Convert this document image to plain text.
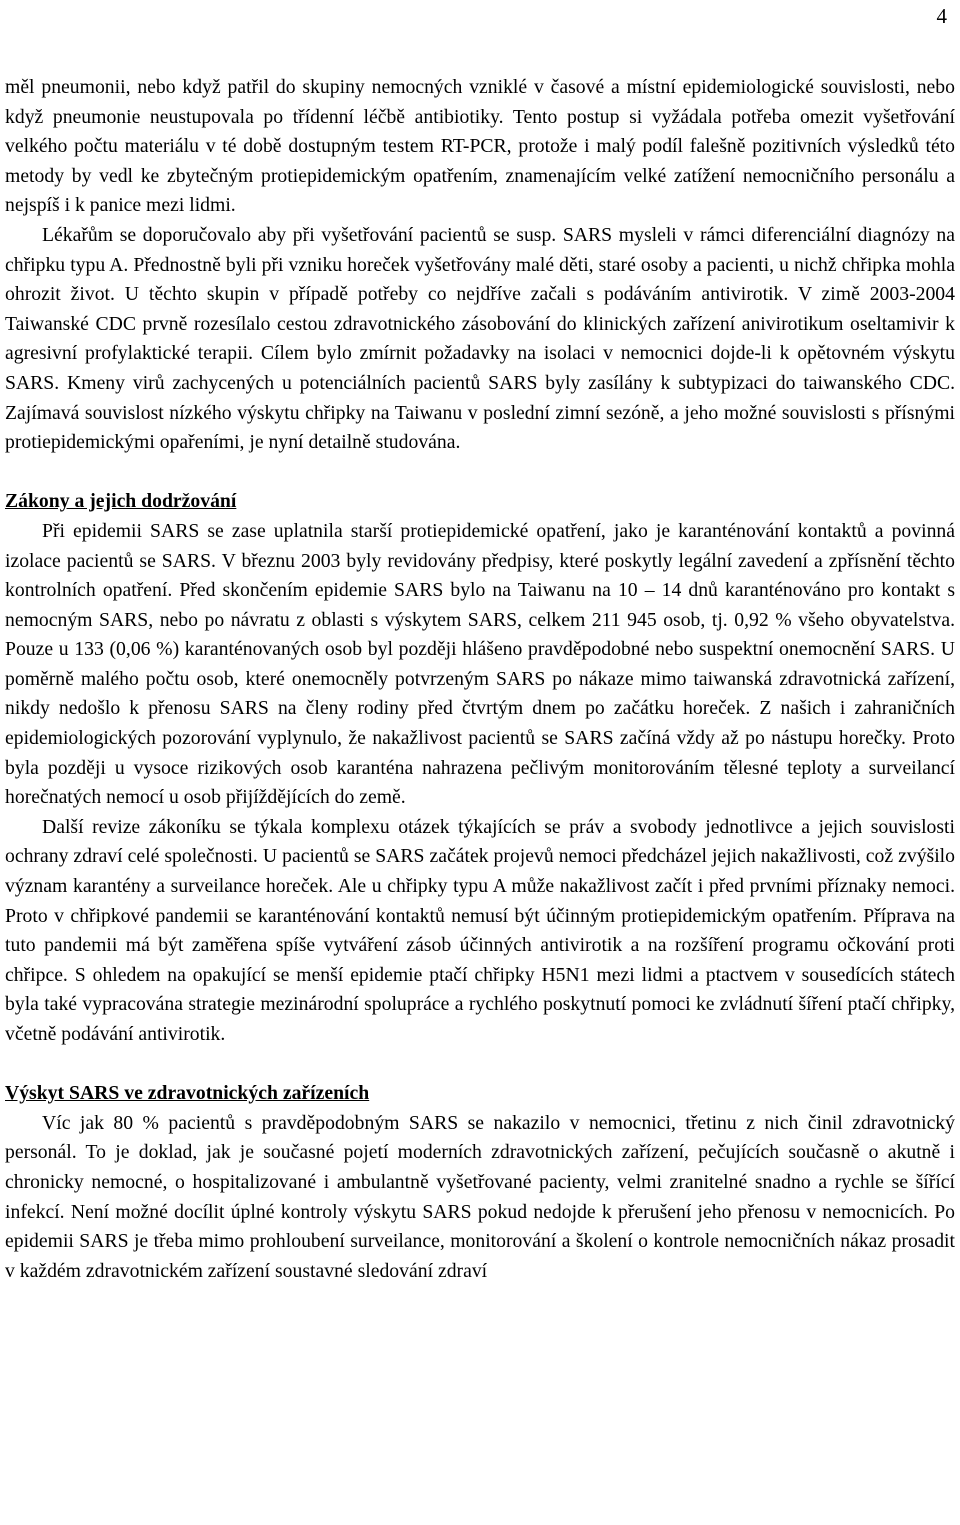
4

měl pneumonii, nebo když patřil do skupiny nemocných vzniklé v časové a místní epidemiologické souvislosti, nebo když pneumonie neustupovala po třídenní léčbě antibiotiky. Tento postup si vyžádala potřeba omezit vyšetřování velkého počtu materiálu v té době dostupným testem RT-PCR, protože i malý podíl falešně pozitivních výsledků této metody by vedl ke zbytečným protiepidemickým opatřením, znamenajícím velké zatížení nemocničního personálu a nejspíš i k panice mezi lidmi.

Lékařům se doporučovalo aby při vyšetřování pacientů se susp. SARS mysleli v rámci diferenciální diagnózy na chřipku typu A. Přednostně byli při vzniku horeček vyšetřovány malé děti, staré osoby a pacienti, u nichž chřipka mohla ohrozit život. U těchto skupin v případě potřeby co nejdříve začali s podáváním antivirotik. V zimě 2003-2004 Taiwanské CDC prvně rozesílalo cestou zdravotnického zásobování do klinických zařízení anivirotikum oseltamivir k agresivní profylaktické terapii. Cílem bylo zmírnit požadavky na isolaci v nemocnici dojde-li k opětovném výskytu SARS. Kmeny virů zachycených u potenciálních pacientů SARS byly zasílány k subtypizaci do taiwanského CDC. Zajímavá souvislost nízkého výskytu chřipky na Taiwanu v poslední zimní sezóně, a jeho možné souvislosti s přísnými protiepidemickými opařeními, je nyní detailně studována.

Zákony a jejich dodržování

Při epidemii SARS se zase uplatnila starší protiepidemické opatření, jako je karanténování kontaktů a povinná izolace pacientů se SARS. V březnu 2003 byly revidovány předpisy, které poskytly legální zavedení a zpřísnění těchto kontrolních opatření. Před skončením epidemie SARS bylo na Taiwanu na 10 – 14 dnů karanténováno pro kontakt s nemocným SARS, nebo po návratu z oblasti s výskytem SARS, celkem 211 945 osob, tj. 0,92 % všeho obyvatelstva. Pouze u 133 (0,06 %) karanténovaných osob byl později hlášeno pravděpodobné nebo suspektní onemocnění SARS. U poměrně malého počtu osob, které onemocněly potvrzeným SARS po nákaze mimo taiwanská zdravotnická zařízení, nikdy nedošlo k přenosu SARS na členy rodiny před čtvrtým dnem po začátku horeček. Z našich i zahraničních epidemiologických pozorování vyplynulo, že nakažlivost pacientů se SARS začíná vždy až po nástupu horečky. Proto byla později u vysoce rizikových osob karanténa nahrazena pečlivým monitorováním tělesné teploty a surveilancí horečnatých nemocí u osob přijíždějících do země.

Další revize zákoníku se týkala komplexu otázek týkajících se práv a svobody jednotlivce a jejich souvislosti ochrany zdraví celé společnosti. U pacientů se SARS začátek projevů nemoci předcházel jejich nakažlivosti, což zvýšilo význam karantény a surveilance horeček. Ale u chřipky typu A může nakažlivost začít i před prvními příznaky nemoci. Proto v chřipkové pandemii se karanténování kontaktů nemusí být účinným protiepidemickým opatřením. Příprava na tuto pandemii má být zaměřena spíše vytváření zásob účinných antivirotik a na rozšíření programu očkování proti chřipce. S ohledem na opakující se menší epidemie ptačí chřipky H5N1 mezi lidmi a ptactvem v sousedících státech byla také vypracována strategie mezinárodní spolupráce a rychlého poskytnutí pomoci ke zvládnutí šíření ptačí chřipky, včetně podávání antivirotik.

Výskyt SARS ve zdravotnických zařízeních

Víc jak 80 % pacientů s pravděpodobným SARS se nakazilo v nemocnici, třetinu z nich činil zdravotnický personál. To je doklad, jak je současné pojetí moderních zdravotnických zařízení, pečujících současně o akutně i chronicky nemocné, o hospitalizované i ambulantně vyšetřované pacienty, velmi zranitelné snadno a rychle se šířící infekcí. Není možné docílit úplné kontroly výskytu SARS pokud nedojde k přerušení jeho přenosu v nemocnicích. Po epidemii SARS je třeba mimo prohloubení surveilance, monitorování a školení o kontrole nemocničních nákaz prosadit v každém zdravotnickém zařízení soustavné sledování zdraví
